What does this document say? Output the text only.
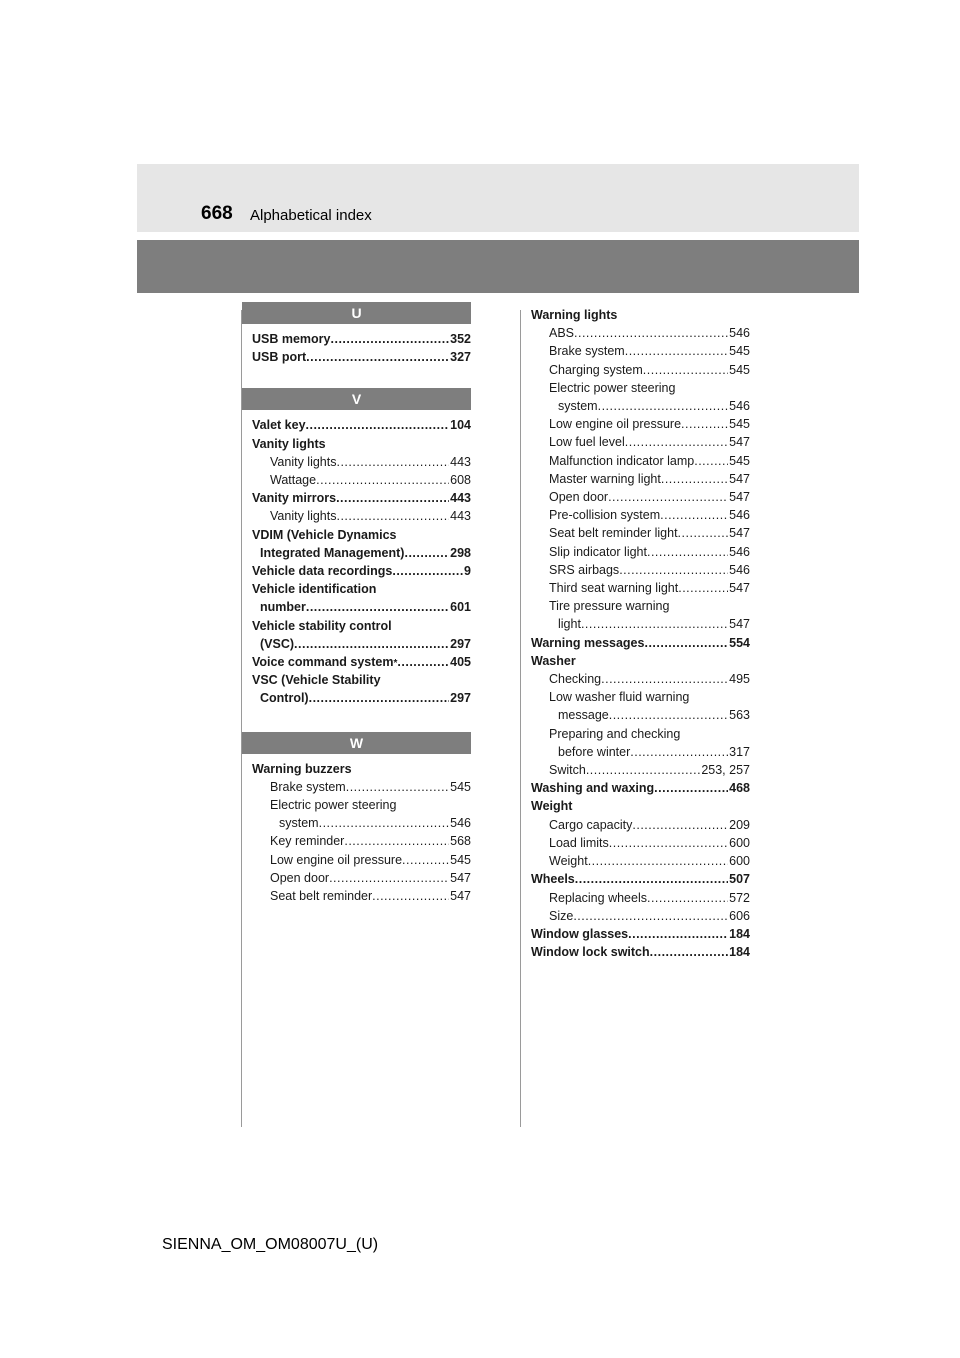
668 Alphabetical index
U
USB memory .....	352
USB port .....	327
V
Valet key .....	104
Vanity lights
Vanity lights .....	443
Wattage .....	608
Vanity mirrors .....	443
Vanity lights .....	443
VDIM (Vehicle Dynamics
Integrated Management) .....	298
Vehicle data recordings .....	9
Vehicle identification
number .....	601
Vehicle stability control
(VSC) .....	297
Voice command system * .....	405
VSC (Vehicle Stability
Control) .....	297
W
Warning buzzers
Brake system .....	545
Electric power steering
system .....	546
Key reminder .....	568
Low engine oil pressure .....	545
Open door .....	547
Seat belt reminder .....	547
Warning lights
ABS .....	546
Brake system .....	545
Charging system .....	545
Electric power steering
system .....	546
Low engine oil pressure .....	545
Low fuel level .....	547
Malfunction indicator lamp .....	545
Master warning light .....	547
Open door .....	547
Pre-collision system .....	546
Seat belt reminder light .....	547
Slip indicator light .....	546
SRS airbags .....	546
Third seat warning light .....	547
Tire pressure warning
light .....	547
Warning messages .....	554
Washer
Checking .....	495
Low washer fluid warning
message .....	563
Preparing and checking
before winter .....	317
Switch .....	253, 257
Washing and waxing .....	468
Weight
Cargo capacity .....	209
Load limits .....	600
Weight .....	600
Wheels .....	507
Replacing wheels .....	572
Size .....	606
Window glasses .....	184
Window lock switch .....	184
SIENNA_OM_OM08007U_(U)
